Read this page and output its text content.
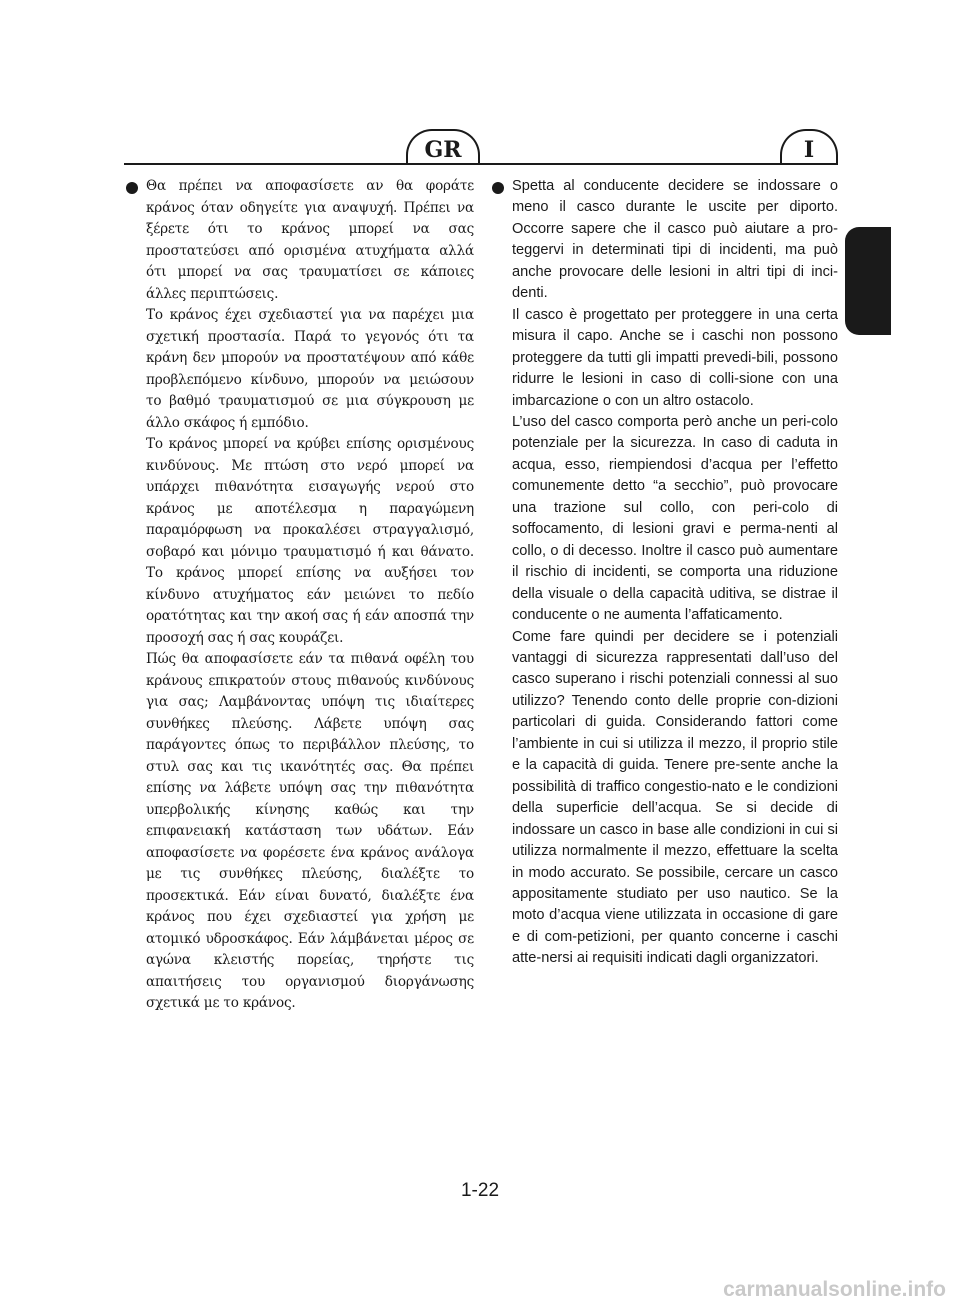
GR	I

Θα πρέπει να αποφασίσετε αν θα φοράτε κράνος όταν οδηγείτε για αναψυχή. Πρέπει να ξέρετε ότι το κράνος μπορεί να σας προστατεύσει από ορισμένα ατυχήματα αλλά ότι μπορεί να σας τραυματίσει σε κάποιες άλλες περιπτώσεις.

Το κράνος έχει σχεδιαστεί για να παρέχει μια σχετική προστασία. Παρά το γεγονός ότι τα κράνη δεν μπορούν να προστατέψουν από κάθε προβλεπόμενο κίνδυνο, μπορούν να μειώσουν το βαθμό τραυματισμού σε μια σύγκρουση με άλλο σκάφος ή εμπόδιο.

Το κράνος μπορεί να κρύβει επίσης ορισμένους κινδύνους. Με πτώση στο νερό μπορεί να υπάρχει πιθανότητα εισαγωγής νερού στο κράνος με αποτέλεσμα η παραγώμενη παραμόρφωση να προκαλέσει στραγγαλισμό, σοβαρό και μόνιμο τραυματισμό ή και θάνατο. Το κράνος μπορεί επίσης να αυξήσει τον κίνδυνο ατυχήματος εάν μειώνει το πεδίο ορατότητας και την ακοή σας ή εάν αποσπά την προσοχή σας ή σας κουράζει.

Πώς θα αποφασίσετε εάν τα πιθανά οφέλη του κράνους επικρατούν στους πιθανούς κινδύνους για σας; Λαμβάνοντας υπόψη τις ιδιαίτερες συνθήκες πλεύσης. Λάβετε υπόψη σας παράγοντες όπως το περιβάλλον πλεύσης, το στυλ σας και τις ικανότητές σας. Θα πρέπει επίσης να λάβετε υπόψη σας την πιθανότητα υπερβολικής κίνησης καθώς και την επιφανειακή κατάσταση των υδάτων. Εάν αποφασίσετε να φορέσετε ένα κράνος ανάλογα με τις συνθήκες πλεύσης, διαλέξτε το προσεκτικά. Εάν είναι δυνατό, διαλέξτε ένα κράνος που έχει σχεδιαστεί για χρήση με ατομικό υδροσκάφος. Εάν λάμβάνεται μέρος σε αγώνα κλειστής πορείας, τηρήστε τις απαιτήσεις του οργανισμού διοργάνωσης σχετικά με το κράνος.

Spetta al conducente decidere se indossare o meno il casco durante le uscite per diporto. Occorre sapere che il casco può aiutare a pro-teggervi in determinati tipi di incidenti, ma può anche provocare delle lesioni in altri tipi di inci-denti.

Il casco è progettato per proteggere in una certa misura il capo. Anche se i caschi non possono proteggere da tutti gli impatti prevedi-bili, possono ridurre le lesioni in caso di colli-sione con una imbarcazione o con un altro ostacolo.

L’uso del casco comporta però anche un peri-colo potenziale per la sicurezza. In caso di caduta in acqua, esso, riempiendosi d’acqua per l’effetto comunemente detto “a secchio”, può provocare una trazione sul collo, con peri-colo di soffocamento, di lesioni gravi e perma-nenti al collo, o di decesso. Inoltre il casco può aumentare il rischio di incidenti, se comporta una riduzione della visuale o della capacità uditiva, se distrae il conducente o ne aumenta l’affaticamento.

Come fare quindi per decidere se i potenziali vantaggi di sicurezza rappresentati dall’uso del casco superano i rischi potenziali connessi al suo utilizzo? Tenendo conto delle proprie con-dizioni particolari di guida. Considerando fattori come l’ambiente in cui si utilizza il mezzo, il proprio stile e la capacità di guida. Tenere pre-sente anche la possibilità di traffico congestio-nato e le condizioni della superficie dell’acqua. Se si decide di indossare un casco in base alle condizioni in cui si utilizza normalmente il mezzo, effettuare la scelta in modo accurato. Se possibile, cercare un casco appositamente studiato per uso nautico. Se la moto d’acqua viene utilizzata in occasione di gare e di com-petizioni, per quanto concerne i caschi atte-nersi ai requisiti indicati dagli organizzatori.

1-22
carmanualsonline.info
